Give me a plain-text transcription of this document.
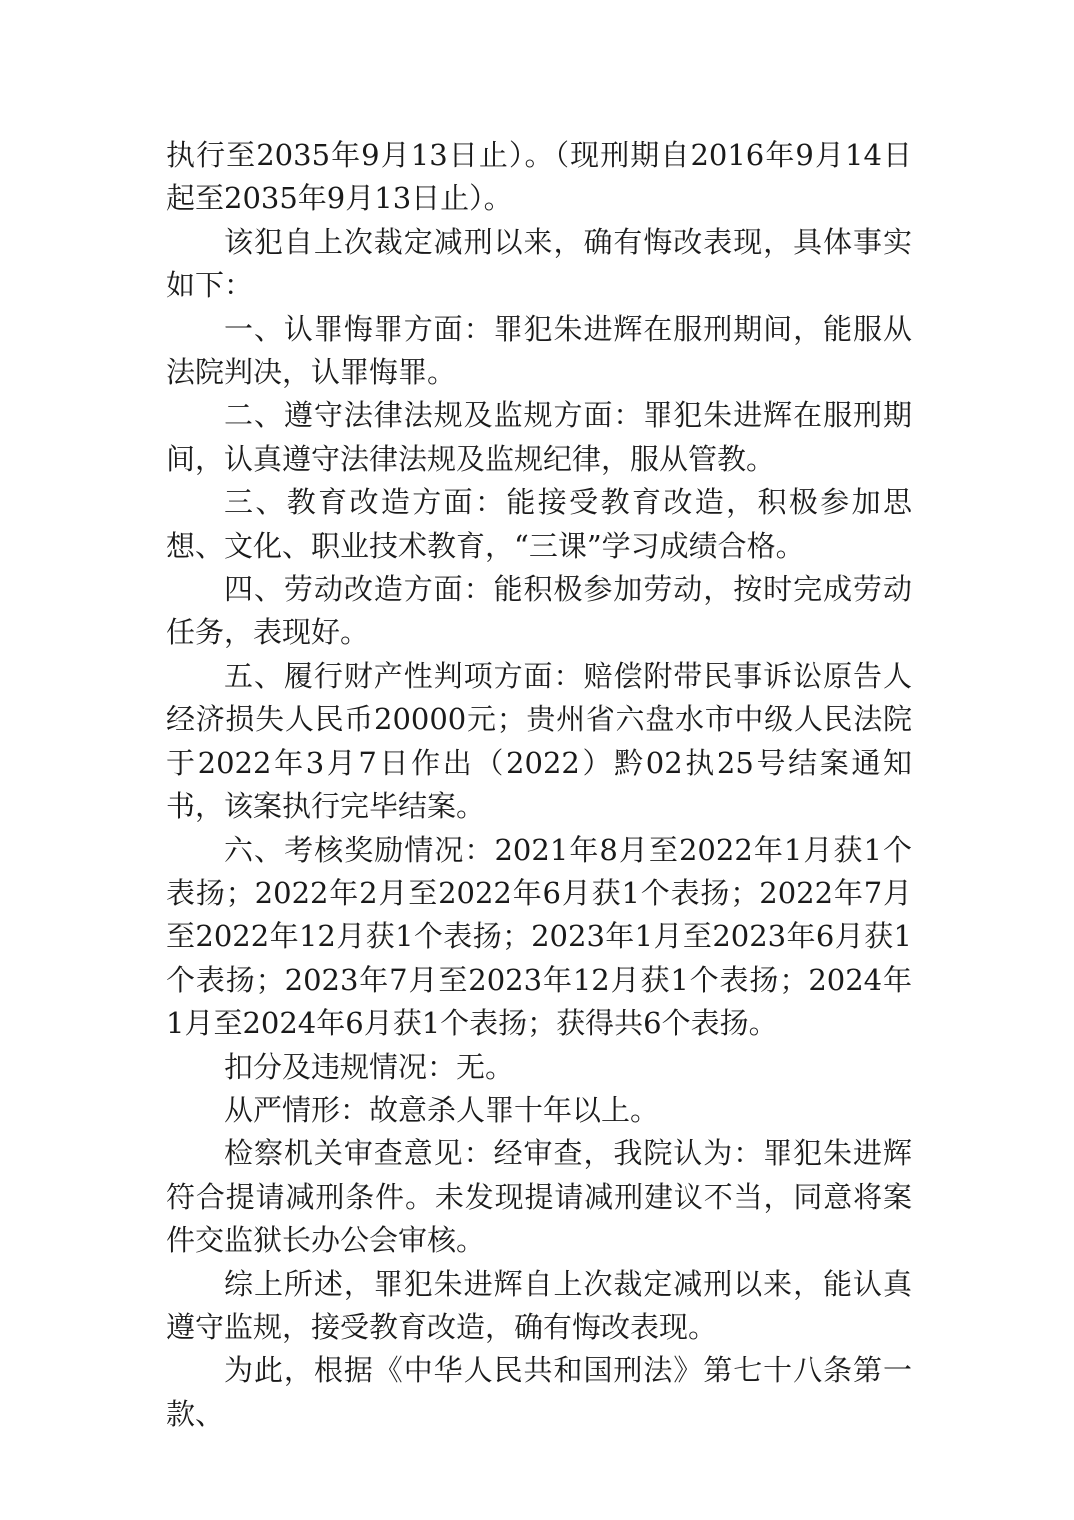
执行至2035年9月13日止）。（现刑期自2016年9月14日起至2035年9月13日止）。

该犯自上次裁定减刑以来，确有悔改表现，具体事实如下：

一、认罪悔罪方面：罪犯朱进辉在服刑期间，能服从法院判决，认罪悔罪。

二、遵守法律法规及监规方面：罪犯朱进辉在服刑期间，认真遵守法律法规及监规纪律，服从管教。

三、教育改造方面：能接受教育改造，积极参加思想、文化、职业技术教育，“三课”学习成绩合格。

四、劳动改造方面：能积极参加劳动，按时完成劳动任务，表现好。

五、履行财产性判项方面：赔偿附带民事诉讼原告人经济损失人民币20000元；贵州省六盘水市中级人民法院于2022年3月7日作出（2022）黔02执25号结案通知书，该案执行完毕结案。

六、考核奖励情况：2021年8月至2022年1月获1个表扬；2022年2月至2022年6月获1个表扬；2022年7月至2022年12月获1个表扬；2023年1月至2023年6月获1个表扬；2023年7月至2023年12月获1个表扬；2024年1月至2024年6月获1个表扬；获得共6个表扬。

扣分及违规情况：无。

从严情形：故意杀人罪十年以上。

检察机关审查意见：经审查，我院认为：罪犯朱进辉符合提请减刑条件。未发现提请减刑建议不当，同意将案件交监狱长办公会审核。

综上所述，罪犯朱进辉自上次裁定减刑以来，能认真遵守监规，接受教育改造，确有悔改表现。

为此，根据《中华人民共和国刑法》第七十八条第一款、
